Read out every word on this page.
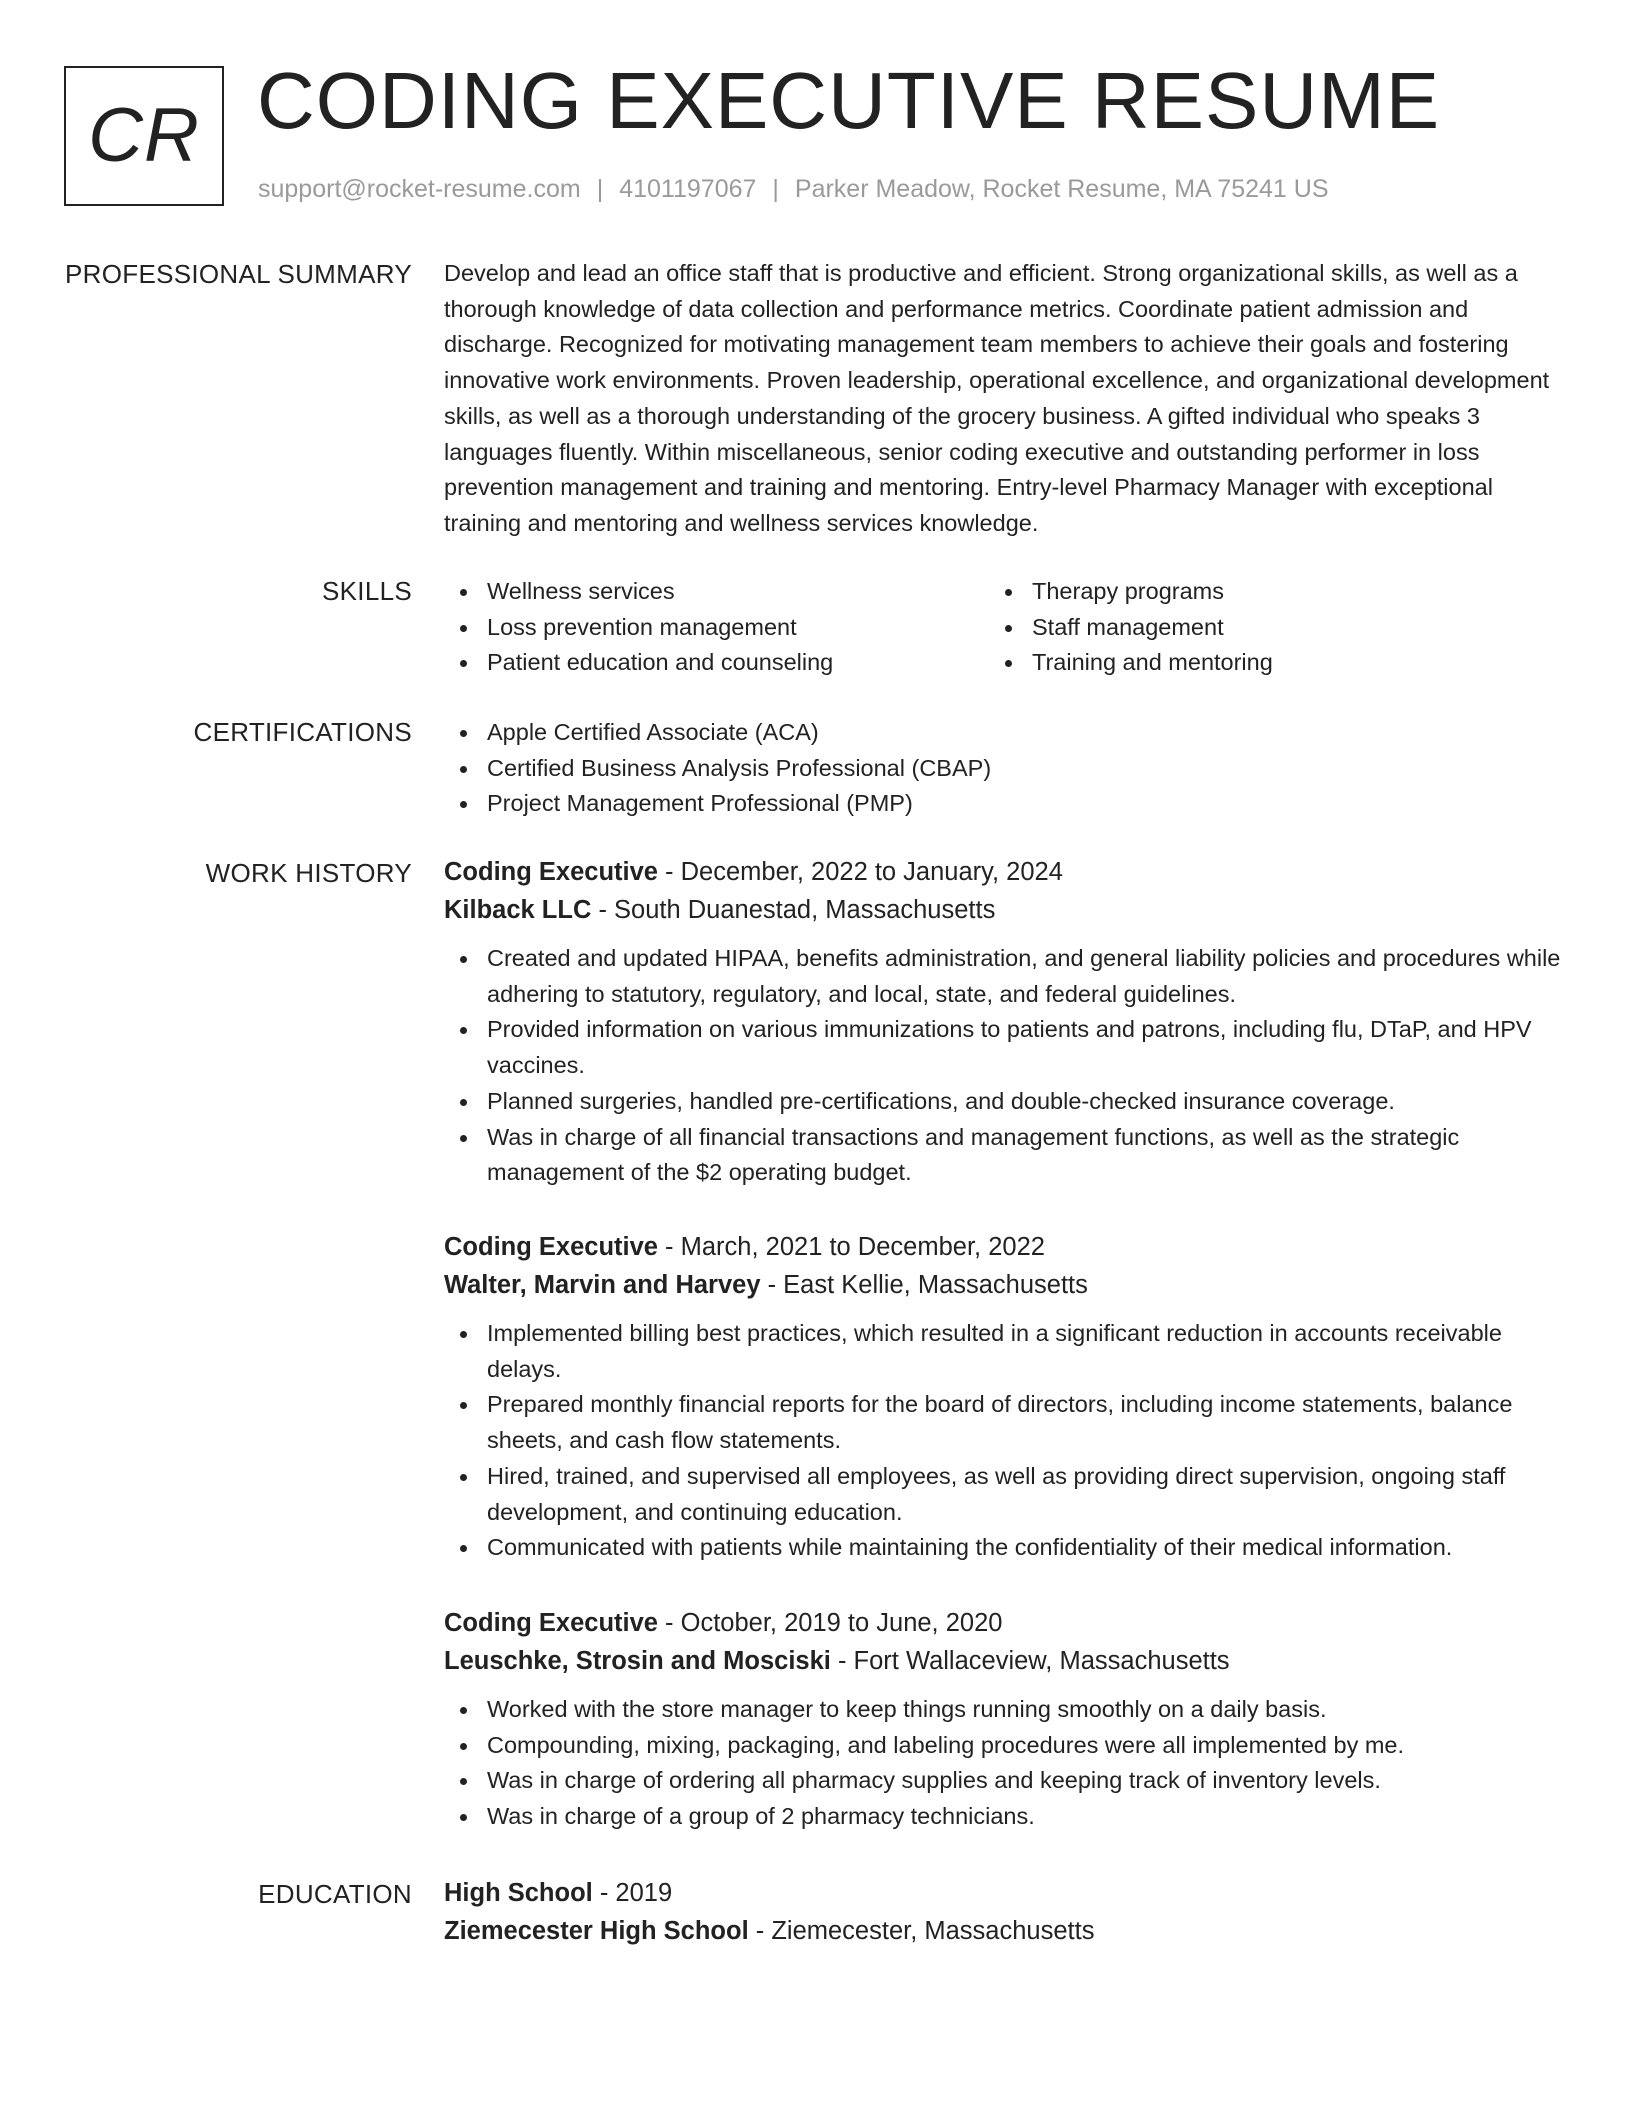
CR CODING EXECUTIVE RESUME
support@rocket-resume.com | 4101197067 | Parker Meadow, Rocket Resume, MA 75241 US
PROFESSIONAL SUMMARY Develop and lead an office staff that is productive and efficient. Strong organizational skills, as well as a thorough knowledge of data collection and performance metrics. Coordinate patient admission and discharge. Recognized for motivating management team members to achieve their goals and fostering innovative work environments. Proven leadership, operational excellence, and organizational development skills, as well as a thorough understanding of the grocery business. A gifted individual who speaks 3 languages fluently. Within miscellaneous, senior coding executive and outstanding performer in loss prevention management and training and mentoring. Entry-level Pharmacy Manager with exceptional training and mentoring and wellness services knowledge.

SKILLS	Wellness services
Loss prevention management
Patient education and counseling
Therapy programs
Staff management
Training and mentoring
CERTIFICATIONS	Apple Certified Associate (ACA)
Certified Business Analysis Professional (CBAP)
Project Management Professional (PMP)
WORK HISTORY Coding Executive - December, 2022 to January, 2024
Kilback LLC - South Duanestad, Massachusetts
Created and updated HIPAA, benefits administration, and general liability policies and procedures while adhering to statutory, regulatory, and local, state, and federal guidelines.
Provided information on various immunizations to patients and patrons, including flu, DTaP, and HPV vaccines.
Planned surgeries, handled pre-certifications, and double-checked insurance coverage.
Was in charge of all financial transactions and management functions, as well as the strategic management of the $2 operating budget.
Coding Executive - March, 2021 to December, 2022
Walter, Marvin and Harvey - East Kellie, Massachusetts
Implemented billing best practices, which resulted in a significant reduction in accounts receivable delays.
Prepared monthly financial reports for the board of directors, including income statements, balance sheets, and cash flow statements.
Hired, trained, and supervised all employees, as well as providing direct supervision, ongoing staff development, and continuing education.
Communicated with patients while maintaining the confidentiality of their medical information.
Coding Executive - October, 2019 to June, 2020
Leuschke, Strosin and Mosciski - Fort Wallaceview, Massachusetts
Worked with the store manager to keep things running smoothly on a daily basis.
Compounding, mixing, packaging, and labeling procedures were all implemented by me.
Was in charge of ordering all pharmacy supplies and keeping track of inventory levels.
Was in charge of a group of 2 pharmacy technicians.
EDUCATION High School - 2019
Ziemecester High School - Ziemecester, Massachusetts
